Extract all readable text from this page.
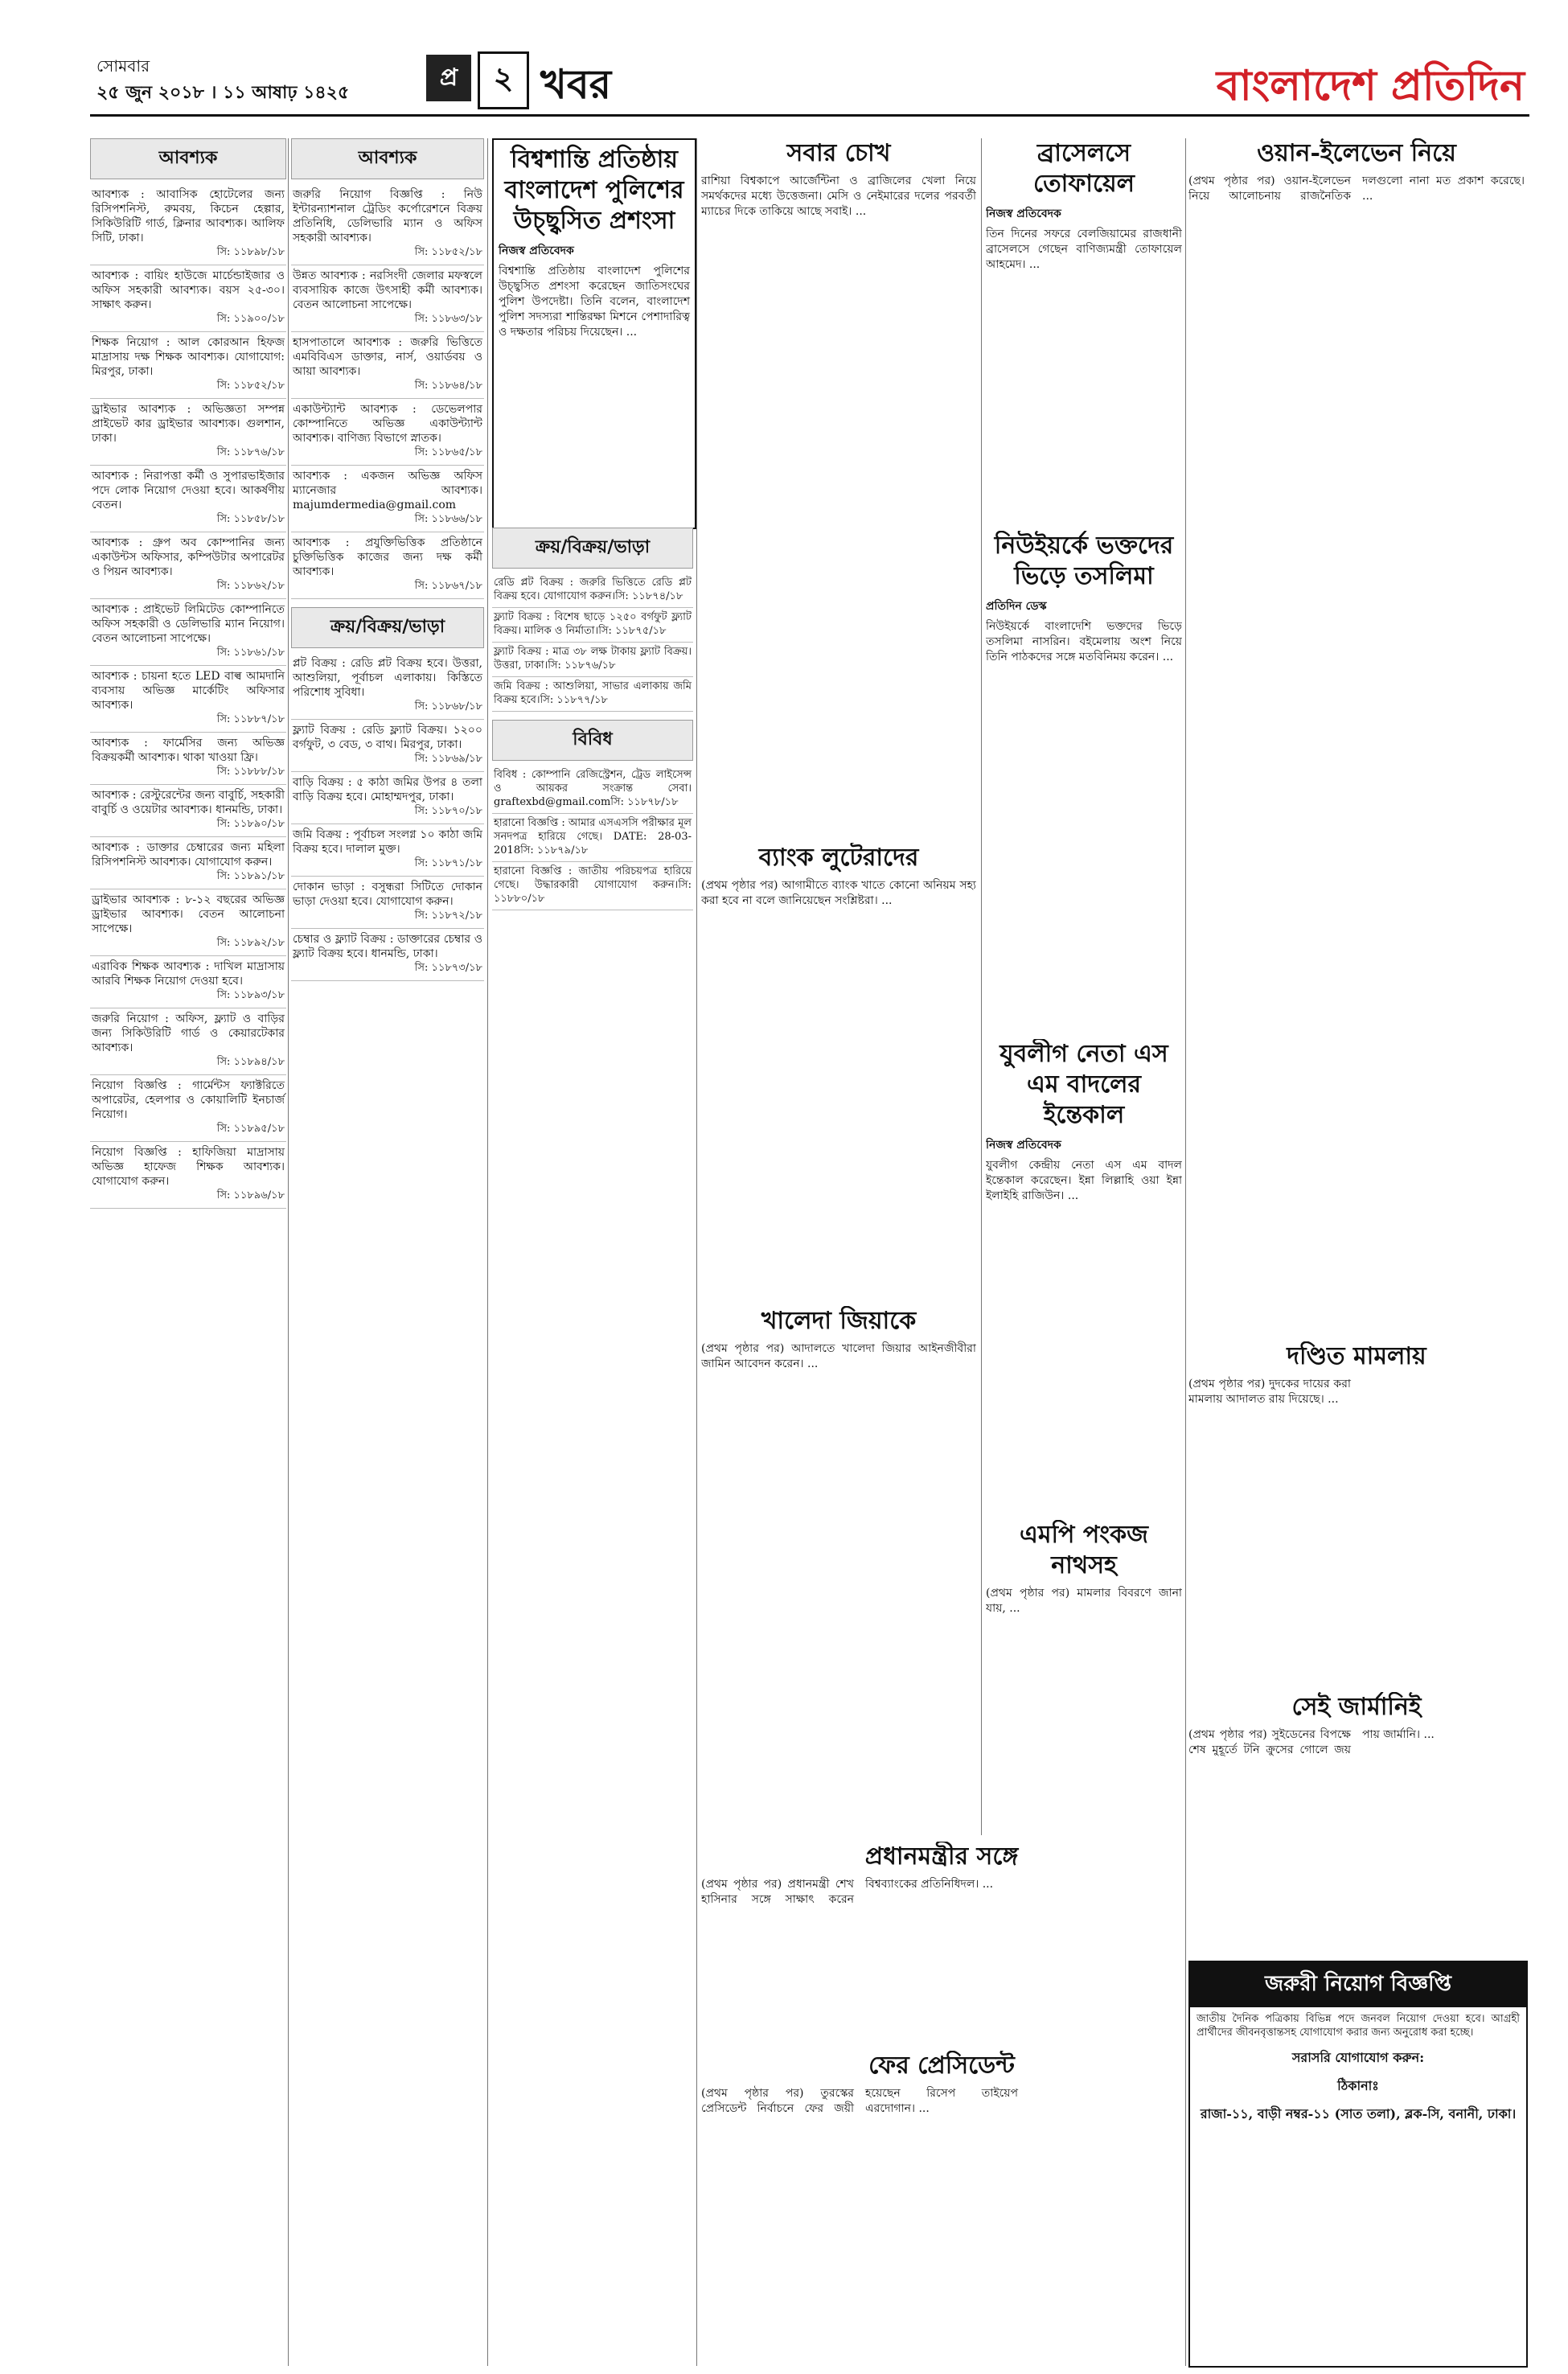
সোমবার
২৫ জুন ২০১৮ । ১১ আষাঢ় ১৪২৫
প্র	২ খবর	বাংলাদেশ প্রতিদিন
আবশ্যক
আবশ্যক : আবাসিক হোটেলের জন্য রিসিপশনিস্ট, রুমবয়, কিচেন হেল্পার, সিকিউরিটি গার্ড, ক্লিনার আবশ্যক। আলিফ সিটি, ঢাকা।
সি: ১১৮৯৮/১৮
আবশ্যক : বায়িং হাউজে মার্চেন্ডাইজার ও অফিস সহকারী আবশ্যক। বয়স ২৫-৩০। সাক্ষাৎ করুন।
সি: ১১৯০০/১৮
শিক্ষক নিয়োগ : আল কোরআন হিফজ মাদ্রাসায় দক্ষ শিক্ষক আবশ্যক। যোগাযোগ: মিরপুর, ঢাকা।
সি: ১১৮৫২/১৮
ড্রাইভার আবশ্যক : অভিজ্ঞতা সম্পন্ন প্রাইভেট কার ড্রাইভার আবশ্যক। গুলশান, ঢাকা।
সি: ১১৮৭৬/১৮
আবশ্যক : নিরাপত্তা কর্মী ও সুপারভাইজার পদে লোক নিয়োগ দেওয়া হবে। আকর্ষণীয় বেতন।
সি: ১১৮৫৮/১৮
আবশ্যক : গ্রুপ অব কোম্পানির জন্য একাউন্টস অফিসার, কম্পিউটার অপারেটর ও পিয়ন আবশ্যক।
সি: ১১৮৬২/১৮
আবশ্যক : প্রাইভেট লিমিটেড কোম্পানিতে অফিস সহকারী ও ডেলিভারি ম্যান নিয়োগ। বেতন আলোচনা সাপেক্ষে।
সি: ১১৮৬১/১৮
আবশ্যক : চায়না হতে LED বাল্ব আমদানি ব্যবসায় অভিজ্ঞ মার্কেটিং অফিসার আবশ্যক।
সি: ১১৮৮৭/১৮
আবশ্যক : ফার্মেসির জন্য অভিজ্ঞ বিক্রয়কর্মী আবশ্যক। থাকা খাওয়া ফ্রি।
সি: ১১৮৮৮/১৮
আবশ্যক : রেস্টুরেন্টের জন্য বাবুর্চি, সহকারী বাবুর্চি ও ওয়েটার আবশ্যক। ধানমন্ডি, ঢাকা।
সি: ১১৮৯০/১৮
আবশ্যক : ডাক্তার চেম্বারের জন্য মহিলা রিসিপশনিস্ট আবশ্যক। যোগাযোগ করুন।
সি: ১১৮৯১/১৮
ড্রাইভার আবশ্যক : ৮-১২ বছরের অভিজ্ঞ ড্রাইভার আবশ্যক। বেতন আলোচনা সাপেক্ষে।
সি: ১১৮৯২/১৮
এরাবিক শিক্ষক আবশ্যক : দাখিল মাদ্রাসায় আরবি শিক্ষক নিয়োগ দেওয়া হবে।
সি: ১১৮৯৩/১৮
জরুরি নিয়োগ : অফিস, ফ্ল্যাট ও বাড়ির জন্য সিকিউরিটি গার্ড ও কেয়ারটেকার আবশ্যক।
সি: ১১৮৯৪/১৮
নিয়োগ বিজ্ঞপ্তি : গার্মেন্টস ফ্যাক্টরিতে অপারেটর, হেলপার ও কোয়ালিটি ইনচার্জ নিয়োগ।
সি: ১১৮৯৫/১৮
নিয়োগ বিজ্ঞপ্তি : হাফিজিয়া মাদ্রাসায় অভিজ্ঞ হাফেজ শিক্ষক আবশ্যক। যোগাযোগ করুন।
সি: ১১৮৯৬/১৮
আবশ্যক
জরুরি নিয়োগ বিজ্ঞপ্তি : নিউ ইন্টারন্যাশনাল ট্রেডিং কর্পোরেশনে বিক্রয় প্রতিনিধি, ডেলিভারি ম্যান ও অফিস সহকারী আবশ্যক।
সি: ১১৮৫২/১৮
উন্নত আবশ্যক : নরসিংদী জেলার মফস্বলে ব্যবসায়িক কাজে উৎসাহী কর্মী আবশ্যক। বেতন আলোচনা সাপেক্ষে।
সি: ১১৮৬৩/১৮
হাসপাতালে আবশ্যক : জরুরি ভিত্তিতে এমবিবিএস ডাক্তার, নার্স, ওয়ার্ডবয় ও আয়া আবশ্যক।
সি: ১১৮৬৪/১৮
একাউন্ট্যান্ট আবশ্যক : ডেভেলপার কোম্পানিতে অভিজ্ঞ একাউন্ট্যান্ট আবশ্যক। বাণিজ্য বিভাগে স্নাতক।
সি: ১১৮৬৫/১৮
আবশ্যক : একজন অভিজ্ঞ অফিস ম্যানেজার আবশ্যক। majumdermedia@gmail.com
সি: ১১৮৬৬/১৮
আবশ্যক : প্রযুক্তিভিত্তিক প্রতিষ্ঠানে চুক্তিভিত্তিক কাজের জন্য দক্ষ কর্মী আবশ্যক।
সি: ১১৮৬৭/১৮
ক্রয়/বিক্রয়/ভাড়া
প্লট বিক্রয় : রেডি প্লট বিক্রয় হবে। উত্তরা, আশুলিয়া, পূর্বাচল এলাকায়। কিস্তিতে পরিশোধ সুবিধা।
সি: ১১৮৬৮/১৮
ফ্ল্যাট বিক্রয় : রেডি ফ্ল্যাট বিক্রয়। ১২০০ বর্গফুট, ৩ বেড, ৩ বাথ। মিরপুর, ঢাকা।
সি: ১১৮৬৯/১৮
বাড়ি বিক্রয় : ৫ কাঠা জমির উপর ৪ তলা বাড়ি বিক্রয় হবে। মোহাম্মদপুর, ঢাকা।
সি: ১১৮৭০/১৮
জমি বিক্রয় : পূর্বাচল সংলগ্ন ১০ কাঠা জমি বিক্রয় হবে। দালাল মুক্ত।
সি: ১১৮৭১/১৮
দোকান ভাড়া : বসুন্ধরা সিটিতে দোকান ভাড়া দেওয়া হবে। যোগাযোগ করুন।
সি: ১১৮৭২/১৮
চেম্বার ও ফ্ল্যাট বিক্রয় : ডাক্তারের চেম্বার ও ফ্ল্যাট বিক্রয় হবে। ধানমন্ডি, ঢাকা।
সি: ১১৮৭৩/১৮
বিশ্বশান্তি প্রতিষ্ঠায় বাংলাদেশ পুলিশের উচ্ছ্বসিত প্রশংসা
নিজস্ব প্রতিবেদক
বিশ্বশান্তি প্রতিষ্ঠায় বাংলাদেশ পুলিশের উচ্ছ্বসিত প্রশংসা করেছেন জাতিসংঘের পুলিশ উপদেষ্টা। তিনি বলেন, বাংলাদেশ পুলিশ সদস্যরা শান্তিরক্ষা মিশনে পেশাদারিত্ব ও দক্ষতার পরিচয় দিয়েছেন। ...
ক্রয়/বিক্রয়/ভাড়া
রেডি প্লট বিক্রয় : জরুরি ভিত্তিতে রেডি প্লট বিক্রয় হবে। যোগাযোগ করুন।সি: ১১৮৭৪/১৮
ফ্ল্যাট বিক্রয় : বিশেষ ছাড়ে ১২৫০ বর্গফুট ফ্ল্যাট বিক্রয়। মালিক ও নির্মাতা।সি: ১১৮৭৫/১৮
ফ্ল্যাট বিক্রয় : মাত্র ৩৮ লক্ষ টাকায় ফ্ল্যাট বিক্রয়। উত্তরা, ঢাকা।সি: ১১৮৭৬/১৮
জমি বিক্রয় : আশুলিয়া, সাভার এলাকায় জমি বিক্রয় হবে।সি: ১১৮৭৭/১৮
বিবিধ
বিবিধ : কোম্পানি রেজিস্ট্রেশন, ট্রেড লাইসেন্স ও আয়কর সংক্রান্ত সেবা। graftexbd@gmail.comসি: ১১৮৭৮/১৮
হারানো বিজ্ঞপ্তি : আমার এসএসসি পরীক্ষার মূল সনদপত্র হারিয়ে গেছে। DATE: 28-03-2018সি: ১১৮৭৯/১৮
হারানো বিজ্ঞপ্তি : জাতীয় পরিচয়পত্র হারিয়ে গেছে। উদ্ধারকারী যোগাযোগ করুন।সি: ১১৮৮০/১৮
সবার চোখ
রাশিয়া বিশ্বকাপে আর্জেন্টিনা ও ব্রাজিলের খেলা নিয়ে সমর্থকদের মধ্যে উত্তেজনা। মেসি ও নেইমারের দলের পরবর্তী ম্যাচের দিকে তাকিয়ে আছে সবাই। ...
ব্রাসেলসে তোফায়েল
নিজস্ব প্রতিবেদক
তিন দিনের সফরে বেলজিয়ামের রাজধানী ব্রাসেলসে গেছেন বাণিজ্যমন্ত্রী তোফায়েল আহমেদ। ...
নিউইয়র্কে ভক্তদের ভিড়ে তসলিমা
প্রতিদিন ডেস্ক
নিউইয়র্কে বাংলাদেশি ভক্তদের ভিড়ে তসলিমা নাসরিন। বইমেলায় অংশ নিয়ে তিনি পাঠকদের সঙ্গে মতবিনিময় করেন। ...
ব্যাংক লুটেরাদের
(প্রথম পৃষ্ঠার পর) আগামীতে ব্যাংক খাতে কোনো অনিয়ম সহ্য করা হবে না বলে জানিয়েছেন সংশ্লিষ্টরা। ...
যুবলীগ নেতা এস এম বাদলের ইন্তেকাল
নিজস্ব প্রতিবেদক
যুবলীগ কেন্দ্রীয় নেতা এস এম বাদল ইন্তেকাল করেছেন। ইন্না লিল্লাহি ওয়া ইন্না ইলাইহি রাজিউন। ...
খালেদা জিয়াকে
(প্রথম পৃষ্ঠার পর) আদালতে খালেদা জিয়ার আইনজীবীরা জামিন আবেদন করেন। ...
এমপি পংকজ নাথসহ
(প্রথম পৃষ্ঠার পর) মামলার বিবরণে জানা যায়, ...
প্রধানমন্ত্রীর সঙ্গে
(প্রথম পৃষ্ঠার পর) প্রধানমন্ত্রী শেখ হাসিনার সঙ্গে সাক্ষাৎ করেন বিশ্বব্যাংকের প্রতিনিধিদল। ...
ফের প্রেসিডেন্ট
(প্রথম পৃষ্ঠার পর) তুরস্কের প্রেসিডেন্ট নির্বাচনে ফের জয়ী হয়েছেন রিসেপ তাইয়েপ এরদোগান। ...
ওয়ান-ইলেভেন নিয়ে
(প্রথম পৃষ্ঠার পর) ওয়ান-ইলেভেন নিয়ে আলোচনায় রাজনৈতিক দলগুলো নানা মত প্রকাশ করেছে। ...
দণ্ডিত মামলায়
(প্রথম পৃষ্ঠার পর) দুদকের দায়ের করা মামলায় আদালত রায় দিয়েছে। ...
সেই জার্মানিই
(প্রথম পৃষ্ঠার পর) সুইডেনের বিপক্ষে শেষ মুহূর্তে টনি ক্রুসের গোলে জয় পায় জার্মানি। ...
জরুরী নিয়োগ বিজ্ঞপ্তি
জাতীয় দৈনিক পত্রিকায় বিভিন্ন পদে জনবল নিয়োগ দেওয়া হবে। আগ্রহী প্রার্থীদের জীবনবৃত্তান্তসহ যোগাযোগ করার জন্য অনুরোধ করা হচ্ছে।
সরাসরি যোগাযোগ করুন:
ঠিকানাঃ
রাজা-১১, বাড়ী নম্বর-১১ (সাত তলা), ব্লক-সি, বনানী, ঢাকা।
